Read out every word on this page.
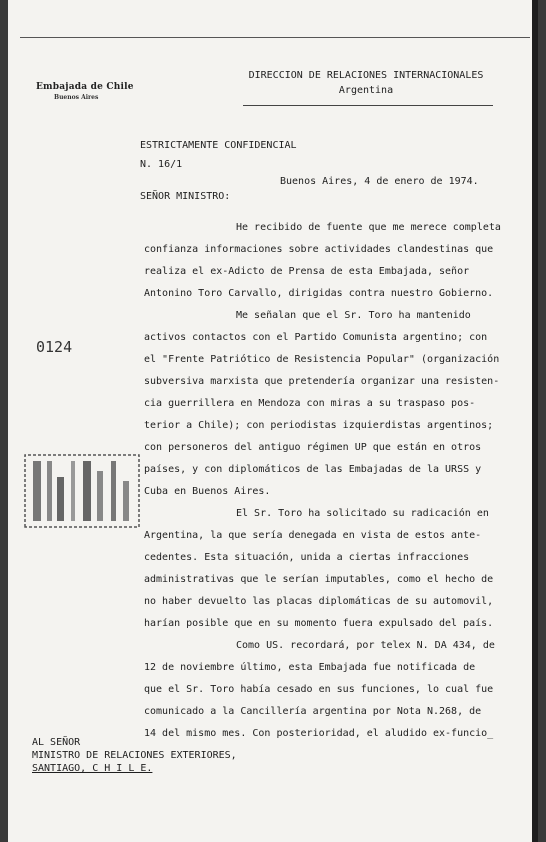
Embajada de Chile
Buenos Aires
DIRECCION DE RELACIONES INTERNACIONALES
Argentina
ESTRICTAMENTE CONFIDENCIAL
N. 16/1
Buenos Aires, 4 de enero de 1974.
SEÑOR MINISTRO:
0124
He recibido de fuente que me merece completa
confianza informaciones sobre actividades clandestinas que
realiza el ex-Adicto de Prensa de esta Embajada, señor
Antonino Toro Carvallo, dirigidas contra nuestro Gobierno.
Me señalan que el Sr. Toro ha mantenido
activos contactos con el Partido Comunista argentino; con
el "Frente Patriótico de Resistencia Popular" (organización
subversiva marxista que pretendería organizar una resisten-
cia guerrillera en Mendoza con miras a su traspaso pos-
terior a Chile); con periodistas izquierdistas argentinos;
con personeros del antiguo régimen UP que están en otros
países, y con diplomáticos de las Embajadas de la URSS y
Cuba en Buenos Aires.
El Sr. Toro ha solicitado su radicación en
Argentina, la que sería denegada en vista de estos ante-
cedentes. Esta situación, unida a ciertas infracciones
administrativas que le serían imputables, como el hecho de
no haber devuelto las placas diplomáticas de su automovil,
harían posible que en su momento fuera expulsado del país.
Como US. recordará, por telex N. DA 434, de
12 de noviembre último, esta Embajada fue notificada de
que el Sr. Toro había cesado en sus funciones, lo cual fue
comunicado a la Cancillería argentina por Nota N.268, de
14 del mismo mes. Con posterioridad, el aludido ex-funcio_
AL SEÑOR
MINISTRO DE RELACIONES EXTERIORES,
SANTIAGO, C H I L E.
